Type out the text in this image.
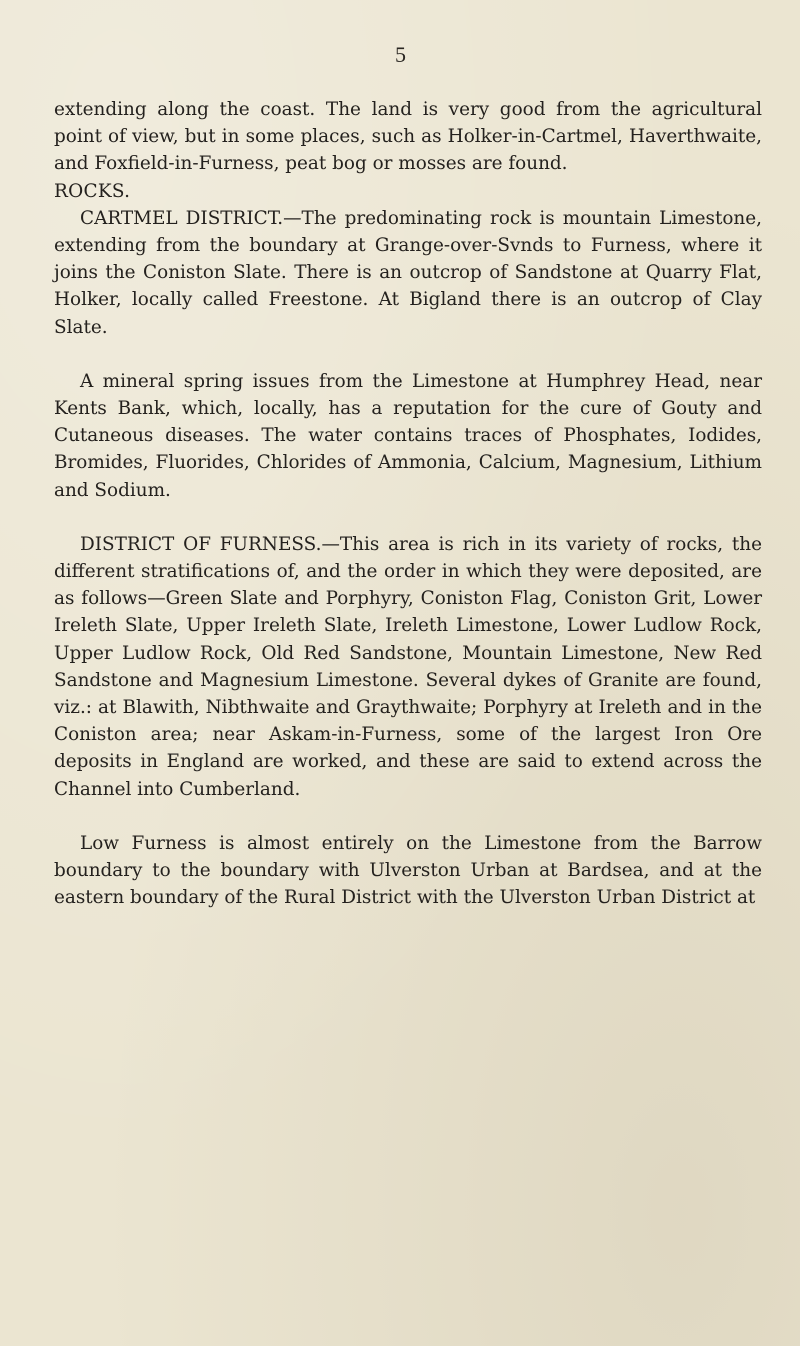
5

extending along the coast. The land is very good from the agricultural point of view, but in some places, such as Holker-in-Cartmel, Haverthwaite, and Foxfield-in-Furness, peat bog or mosses are found.

ROCKS.

CARTMEL DISTRICT.—The predominating rock is mountain Limestone, extending from the boundary at Grange-over-Svnds to Furness, where it joins the Coniston Slate. There is an outcrop of Sandstone at Quarry Flat, Holker, locally called Freestone. At Bigland there is an outcrop of Clay Slate.

A mineral spring issues from the Limestone at Humphrey Head, near Kents Bank, which, locally, has a reputation for the cure of Gouty and Cutaneous diseases. The water contains traces of Phosphates, Iodides, Bromides, Fluorides, Chlorides of Ammonia, Calcium, Magnesium, Lithium and Sodium.

DISTRICT OF FURNESS.—This area is rich in its variety of rocks, the different stratifications of, and the order in which they were deposited, are as follows—Green Slate and Porphyry, Coniston Flag, Coniston Grit, Lower Ireleth Slate, Upper Ireleth Slate, Ireleth Limestone, Lower Ludlow Rock, Upper Ludlow Rock, Old Red Sandstone, Mountain Limestone, New Red Sandstone and Magnesium Limestone. Several dykes of Granite are found, viz.: at Blawith, Nibthwaite and Graythwaite; Porphyry at Ireleth and in the Coniston area; near Askam-in-Furness, some of the largest Iron Ore deposits in England are worked, and these are said to extend across the Channel into Cumberland.

Low Furness is almost entirely on the Limestone from the Barrow boundary to the boundary with Ulverston Urban at Bardsea, and at the eastern boundary of the Rural District with the Ulverston Urban District at
